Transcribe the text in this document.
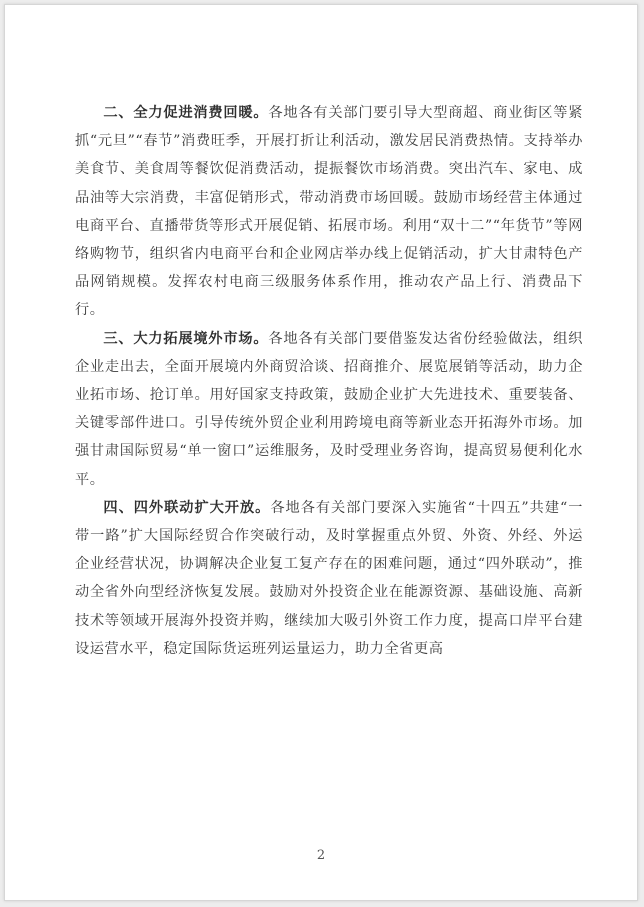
二、全力促进消费回暖。各地各有关部门要引导大型商超、商业街区等紧抓“元旦”“春节”消费旺季，开展打折让利活动，激发居民消费热情。支持举办美食节、美食周等餐饮促消费活动，提振餐饮市场消费。突出汽车、家电、成品油等大宗消费，丰富促销形式，带动消费市场回暖。鼓励市场经营主体通过电商平台、直播带货等形式开展促销、拓展市场。利用“双十二”“年货节”等网络购物节，组织省内电商平台和企业网店举办线上促销活动，扩大甘肃特色产品网销规模。发挥农村电商三级服务体系作用，推动农产品上行、消费品下行。

三、大力拓展境外市场。各地各有关部门要借鉴发达省份经验做法，组织企业走出去，全面开展境内外商贸洽谈、招商推介、展览展销等活动，助力企业拓市场、抢订单。用好国家支持政策，鼓励企业扩大先进技术、重要装备、关键零部件进口。引导传统外贸企业利用跨境电商等新业态开拓海外市场。加强甘肃国际贸易“单一窗口”运维服务，及时受理业务咨询，提高贸易便利化水平。

四、四外联动扩大开放。各地各有关部门要深入实施省“十四五”共建“一带一路”扩大国际经贸合作突破行动，及时掌握重点外贸、外资、外经、外运企业经营状况，协调解决企业复工复产存在的困难问题，通过“四外联动”，推动全省外向型经济恢复发展。鼓励对外投资企业在能源资源、基础设施、高新技术等领域开展海外投资并购，继续加大吸引外资工作力度，提高口岸平台建设运营水平，稳定国际货运班列运量运力，助力全省更高

2
